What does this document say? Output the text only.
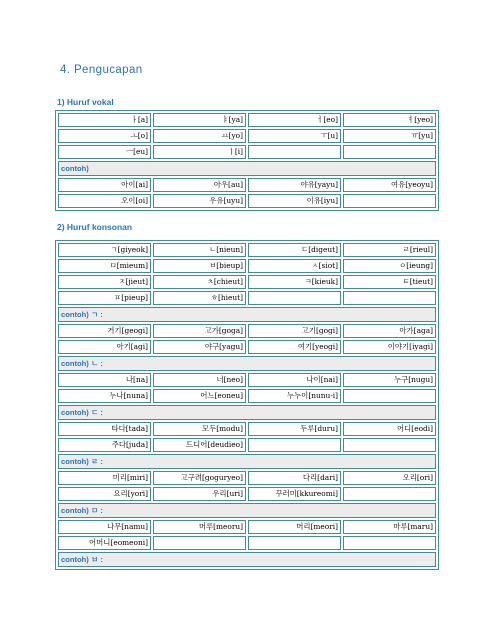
4. Pengucapan
1) Huruf vokal
ㅏ[a]	ㅑ[ya]	ㅓ[eo]	ㅕ[yeo]
ㅗ[o]	ㅛ[yo]	ㅜ[u]	ㅠ[yu]
ㅡ[eu]	ㅣ[i]		
contoh)			
아이[ai]	아우[au]	야유[yayu]	여유[yeoyu]
오이[oi]	우유[uyu]	이유[iyu]	
2) Huruf konsonan
ㄱ[giyeok]	ㄴ[nieun]	ㄷ[digeut]	ㄹ[rieul]
ㅁ[mieum]	ㅂ[bieup]	ㅅ[siot]	ㅇ[ieung]
ㅈ[jieut]	ㅊ[chieut]	ㅋ[kieuk]	ㅌ[tieut]
ㅍ[pieup]	ㅎ[hieut]		
contoh) ㄱ :			
거기[geogi]	고가[goga]	고기[gogi]	아가[aga]
아기[agi]	야구[yagu]	여기[yeogi]	이야기[iyagi]
contoh) ㄴ :			
나[na]	너[neo]	나이[nai]	누구[nugu]
누나[nuna]	어느[eoneu]	누누이[nunu-i]	
contoh) ㄷ :			
타다[tada]	모두[modu]	두루[duru]	어디[eodi]
주다[juda]	드디어[deudieo]		
contoh) ㄹ :			
미리[miri]	고구려[goguryeo]	다리[dari]	오리[ori]
요리[yori]	우리[uri]	꾸러미[kkureomi]	
contoh) ㅁ :			
나무[namu]	머루[meoru]	머리[meori]	마루[maru]
어머니[eomeoni]			
contoh) ㅂ :			
